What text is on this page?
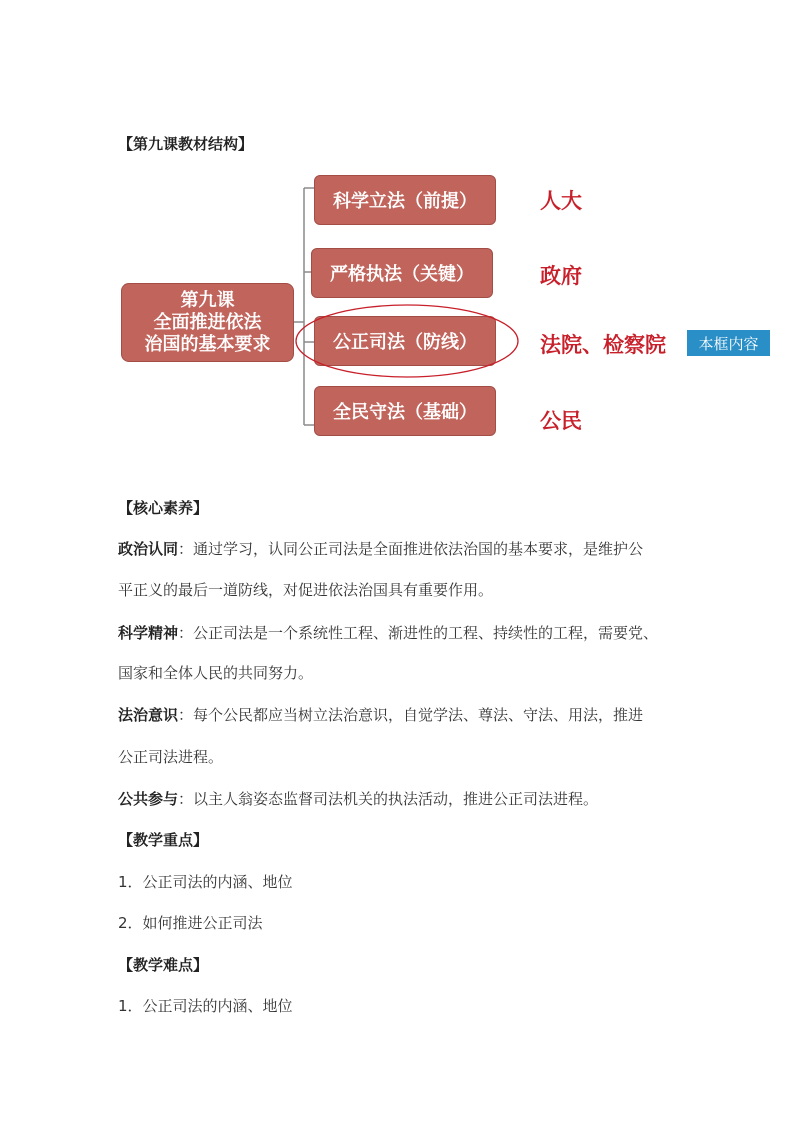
【第九课教材结构】
第九课
全面推进依法
治国的基本要求
科学立法（前提）
严格执法（关键）
公正司法（防线）
全民守法（基础）
人大
政府
法院、检察院
公民
本框内容
【核心素养】
政治认同：通过学习，认同公正司法是全面推进依法治国的基本要求，是维护公
平正义的最后一道防线，对促进依法治国具有重要作用。
科学精神：公正司法是一个系统性工程、渐进性的工程、持续性的工程，需要党、
国家和全体人民的共同努力。
法治意识：每个公民都应当树立法治意识，自觉学法、尊法、守法、用法，推进
公正司法进程。
公共参与：以主人翁姿态监督司法机关的执法活动，推进公正司法进程。
【教学重点】
1．公正司法的内涵、地位
2．如何推进公正司法
【教学难点】
1．公正司法的内涵、地位
